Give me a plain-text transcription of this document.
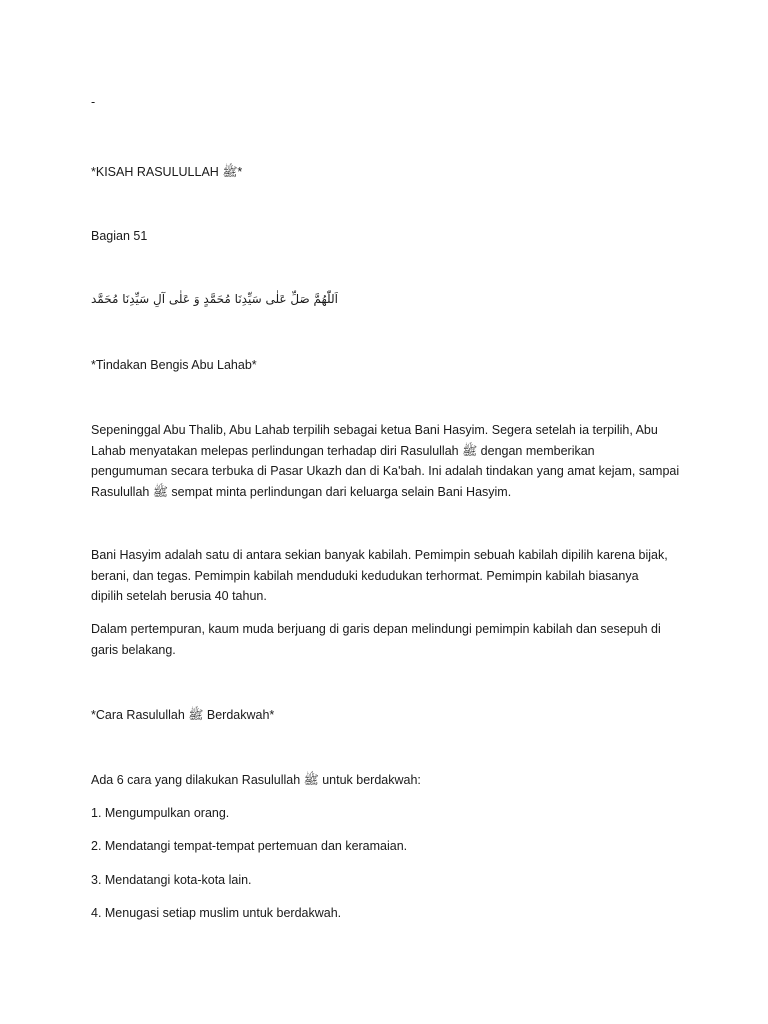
-
*KISAH RASULULLAH ﷺ*
Bagian 51
اَللّٰهُمَّ صَلِّ عَلٰى سَيِّدِنَا مُحَمَّدٍ وَ عَلٰى آلِ سَيِّدِنَا مُحَمَّد
*Tindakan Bengis Abu Lahab*
Sepeninggal Abu Thalib, Abu Lahab terpilih sebagai ketua Bani Hasyim. Segera setelah ia terpilih, Abu
Lahab menyatakan melepas perlindungan terhadap diri Rasulullah ﷺ dengan memberikan
pengumuman secara terbuka di Pasar Ukazh dan di Ka'bah. Ini adalah tindakan yang amat kejam, sampai
Rasulullah ﷺ sempat minta perlindungan dari keluarga selain Bani Hasyim.
Bani Hasyim adalah satu di antara sekian banyak kabilah. Pemimpin sebuah kabilah dipilih karena bijak,
berani, dan tegas. Pemimpin kabilah menduduki kedudukan terhormat. Pemimpin kabilah biasanya
dipilih setelah berusia 40 tahun.
Dalam pertempuran, kaum muda berjuang di garis depan melindungi pemimpin kabilah dan sesepuh di
garis belakang.
*Cara Rasulullah ﷺ Berdakwah*
Ada 6 cara yang dilakukan Rasulullah ﷺ untuk berdakwah:
1. Mengumpulkan orang.
2. Mendatangi tempat-tempat pertemuan dan keramaian.
3. Mendatangi kota-kota lain.
4. Menugasi setiap muslim untuk berdakwah.
